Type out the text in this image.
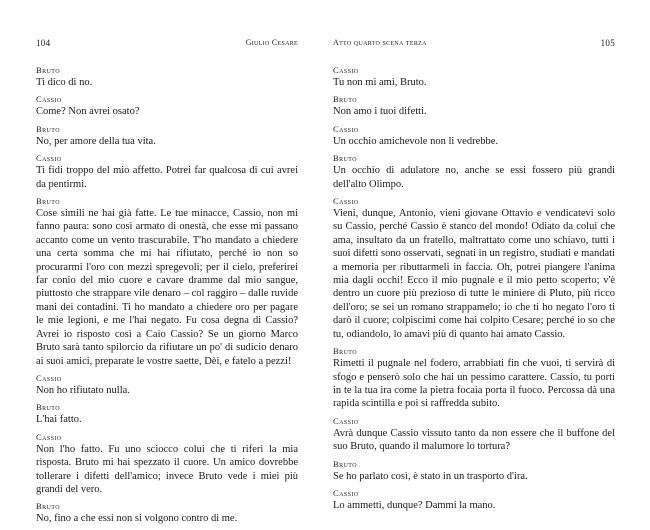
104	Giulio Cesare
Bruto
Ti dico di no.
Cassio
Come? Non avrei osato?
Bruto
No, per amore della tua vita.
Cassio
Ti fidi troppo del mio affetto. Potrei far qualcosa di cui avrei da pentirmi.
Bruto
Cose simili ne hai già fatte. Le tue minacce, Cassio, non mi fanno paura: sono così armato di onestà, che esse mi passano accanto come un vento trascurabile. T'ho mandato a chiedere una certa somma che mi hai rifiutato, perché io non so procurarmi l'oro con mezzi spregevoli; per il cielo, preferirei far conio del mio cuore e cavare dramme dal mio sangue, piuttosto che strappare vile denaro – col raggiro – dalle ruvide mani dei contadini. Ti ho mandato a chiedere oro per pagare le mie legioni, e me l'hai negato. Fu cosa degna di Cassio? Avrei io risposto così a Caio Cassio? Se un giorno Marco Bruto sarà tanto spilorcio da rifiutare un po' di sudicio denaro ai suoi amici, preparate le vostre saette, Dèi, e fatelo a pezzi!
Cassio
Non ho rifiutato nulla.
Bruto
L'hai fatto.
Cassio
Non l'ho fatto. Fu uno sciocco colui che ti riferì la mia risposta. Bruto mi hai spezzato il cuore. Un amico dovrebbe tollerare i difetti dell'amico; invece Bruto vede i miei più grandi del vero.
Bruto
No, fino a che essi non si volgono contro di me.
Atto quarto scena terza	105
Cassio
Tu non mi ami, Bruto.
Bruto
Non amo i tuoi difetti.
Cassio
Un occhio amichevole non li vedrebbe.
Bruto
Un occhio di adulatore no, anche se essi fossero più grandi dell'alto Olimpo.
Cassio
Vieni, dunque, Antonio, vieni giovane Ottavio e vendicatevi solo su Cassio, perché Cassio è stanco del mondo! Odiato da colui che ama, insultato da un fratello, maltrattato come uno schiavo, tutti i suoi difetti sono osservati, segnati in un registro, studiati e mandati a memoria per ributtarmeli in faccia. Oh, potrei piangere l'anima mia dagli occhi! Ecco il mio pugnale e il mio petto scoperto; v'è dentro un cuore più prezioso di tutte le miniere di Pluto, più ricco dell'oro; se sei un romano strappamelo; io che ti ho negato l'oro ti darò il cuore; colpiscimi come hai colpito Cesare; perché io so che tu, odiandolo, lo amavi più di quanto hai amato Cassio.
Bruto
Rimetti il pugnale nel fodero, arrabbiati fin che vuoi, ti servirà di sfogo e penserò solo che hai un pessimo carattere. Cassio, tu porti in te la tua ira come la pietra focaia porta il fuoco. Percossa dà una rapida scintilla e poi si raffredda subito.
Cassio
Avrà dunque Cassio vissuto tanto da non essere che il buffone del suo Bruto, quando il malumore lo tortura?
Bruto
Se ho parlato così, è stato in un trasporto d'ira.
Cassio
Lo ammetti, dunque? Dammi la mano.
